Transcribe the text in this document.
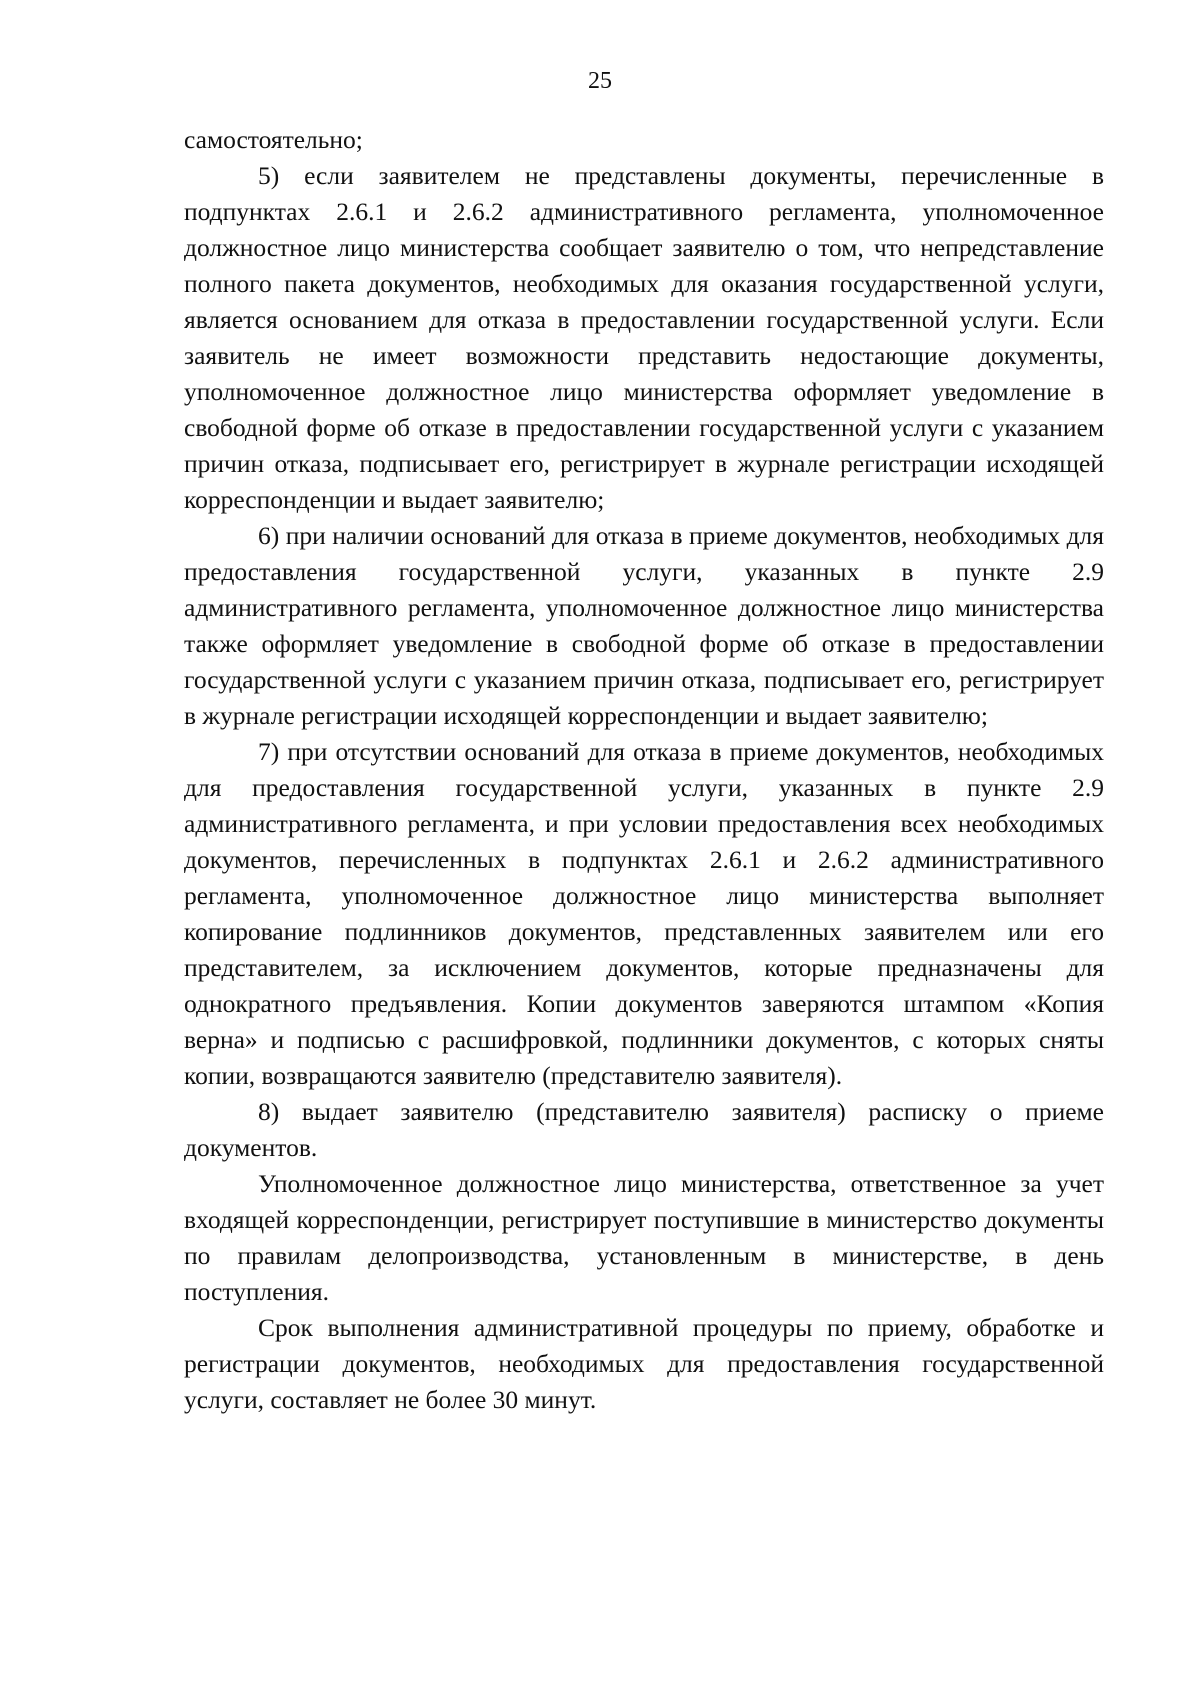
25

самостоятельно;

5) если заявителем не представлены документы, перечисленные в подпунктах 2.6.1 и 2.6.2 административного регламента, уполномоченное должностное лицо министерства сообщает заявителю о том, что непредставление полного пакета документов, необходимых для оказания государственной услуги, является основанием для отказа в предоставлении государственной услуги. Если заявитель не имеет возможности представить недостающие документы, уполномоченное должностное лицо министерства оформляет уведомление в свободной форме об отказе в предоставлении государственной услуги с указанием причин отказа, подписывает его, регистрирует в журнале регистрации исходящей корреспонденции и выдает заявителю;

6) при наличии оснований для отказа в приеме документов, необходимых для предоставления государственной услуги, указанных в пункте 2.9 административного регламента, уполномоченное должностное лицо министерства также оформляет уведомление в свободной форме об отказе в предоставлении государственной услуги с указанием причин отказа, подписывает его, регистрирует в журнале регистрации исходящей корреспонденции и выдает заявителю;

7) при отсутствии оснований для отказа в приеме документов, необходимых для предоставления государственной услуги, указанных в пункте 2.9 административного регламента, и при условии предоставления всех необходимых документов, перечисленных в подпунктах 2.6.1 и 2.6.2 административного регламента, уполномоченное должностное лицо министерства выполняет копирование подлинников документов, представленных заявителем или его представителем, за исключением документов, которые предназначены для однократного предъявления. Копии документов заверяются штампом «Копия верна» и подписью с расшифровкой, подлинники документов, с которых сняты копии, возвращаются заявителю (представителю заявителя).

8) выдает заявителю (представителю заявителя) расписку о приеме документов.

Уполномоченное должностное лицо министерства, ответственное за учет входящей корреспонденции, регистрирует поступившие в министерство документы по правилам делопроизводства, установленным в министерстве, в день поступления.

Срок выполнения административной процедуры по приему, обработке и регистрации документов, необходимых для предоставления государственной услуги, составляет не более 30 минут.
